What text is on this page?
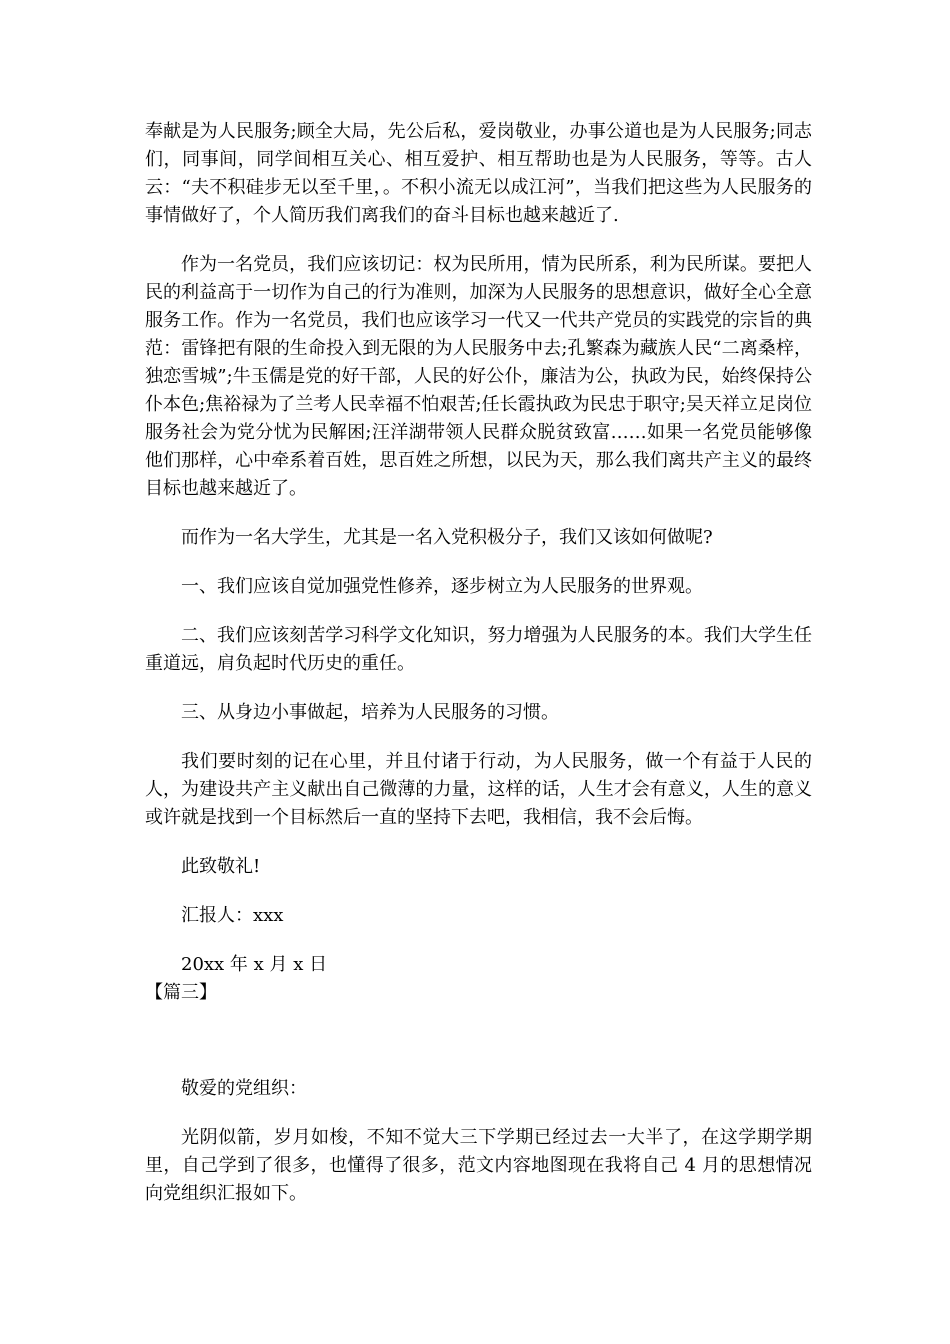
奉献是为人民服务;顾全大局，先公后私，爱岗敬业，办事公道也是为人民服务;同志们，同事间，同学间相互关心、相互爱护、相互帮助也是为人民服务，等等。古人云：“夫不积硅步无以至千里，。不积小流无以成江河”，当我们把这些为人民服务的事情做好了，个人简历我们离我们的奋斗目标也越来越近了.

作为一名党员，我们应该切记：权为民所用，情为民所系，利为民所谋。要把人民的利益高于一切作为自己的行为准则，加深为人民服务的思想意识，做好全心全意服务工作。作为一名党员，我们也应该学习一代又一代共产党员的实践党的宗旨的典范：雷锋把有限的生命投入到无限的为人民服务中去;孔繁森为藏族人民“二离桑梓，独恋雪城”;牛玉儒是党的好干部，人民的好公仆，廉洁为公，执政为民，始终保持公仆本色;焦裕禄为了兰考人民幸福不怕艰苦;任长霞执政为民忠于职守;吴天祥立足岗位服务社会为党分忧为民解困;汪洋湖带领人民群众脱贫致富……如果一名党员能够像他们那样，心中牵系着百姓，思百姓之所想，以民为天，那么我们离共产主义的最终目标也越来越近了。

而作为一名大学生，尤其是一名入党积极分子，我们又该如何做呢?

一、我们应该自觉加强党性修养，逐步树立为人民服务的世界观。

二、我们应该刻苦学习科学文化知识，努力增强为人民服务的本。我们大学生任重道远，肩负起时代历史的重任。

三、从身边小事做起，培养为人民服务的习惯。

我们要时刻的记在心里，并且付诸于行动，为人民服务，做一个有益于人民的人，为建设共产主义献出自己微薄的力量，这样的话，人生才会有意义，人生的意义或许就是找到一个目标然后一直的坚持下去吧，我相信，我不会后悔。

此致敬礼!

汇报人：xxx

20xx 年 x 月 x 日

【篇三】

敬爱的党组织：

光阴似箭，岁月如梭，不知不觉大三下学期已经过去一大半了，在这学期学期里，自己学到了很多，也懂得了很多，范文内容地图现在我将自己 4 月的思想情况向党组织汇报如下。
